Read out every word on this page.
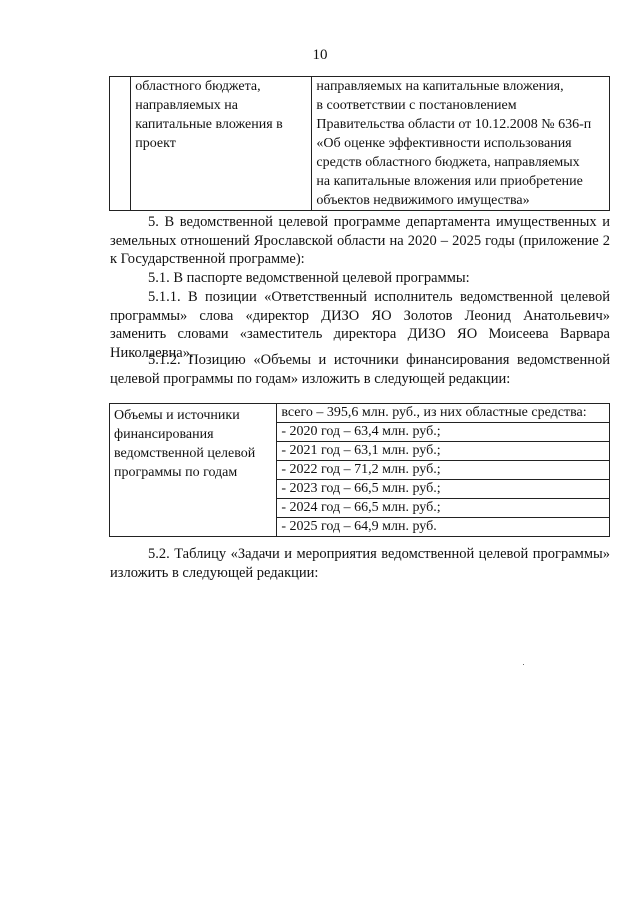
10

областного бюджета,
направляемых на
капитальные вложения в
проект

направляемых на капитальные вложения,
в соответствии с постановлением
Правительства области от 10.12.2008 № 636-п
«Об оценке эффективности использования
средств областного бюджета, направляемых
на капитальные вложения или приобретение
объектов недвижимого имущества»
5. В ведомственной целевой программе департамента имущественных и земельных отношений Ярославской области на 2020 – 2025 годы (приложение 2 к Государственной программе):
5.1. В паспорте ведомственной целевой программы:
5.1.1. В позиции «Ответственный исполнитель ведомственной целевой программы» слова «директор ДИЗО ЯО Золотов Леонид Анатольевич» заменить словами «заместитель директора ДИЗО ЯО Моисеева Варвара Николаевна».
5.1.2. Позицию «Объемы и источники финансирования ведомственной целевой программы по годам» изложить в следующей редакции:
Объемы и источники
финансирования
ведомственной целевой
программы по годам

всего – 395,6 млн. руб., из них областные средства:
- 2020 год – 63,4 млн. руб.;
- 2021 год – 63,1 млн. руб.;
- 2022 год – 71,2 млн. руб.;
- 2023 год – 66,5 млн. руб.;
- 2024 год – 66,5 млн. руб.;
- 2025 год – 64,9 млн. руб.
5.2. Таблицу «Задачи и мероприятия ведомственной целевой программы» изложить в следующей редакции:
